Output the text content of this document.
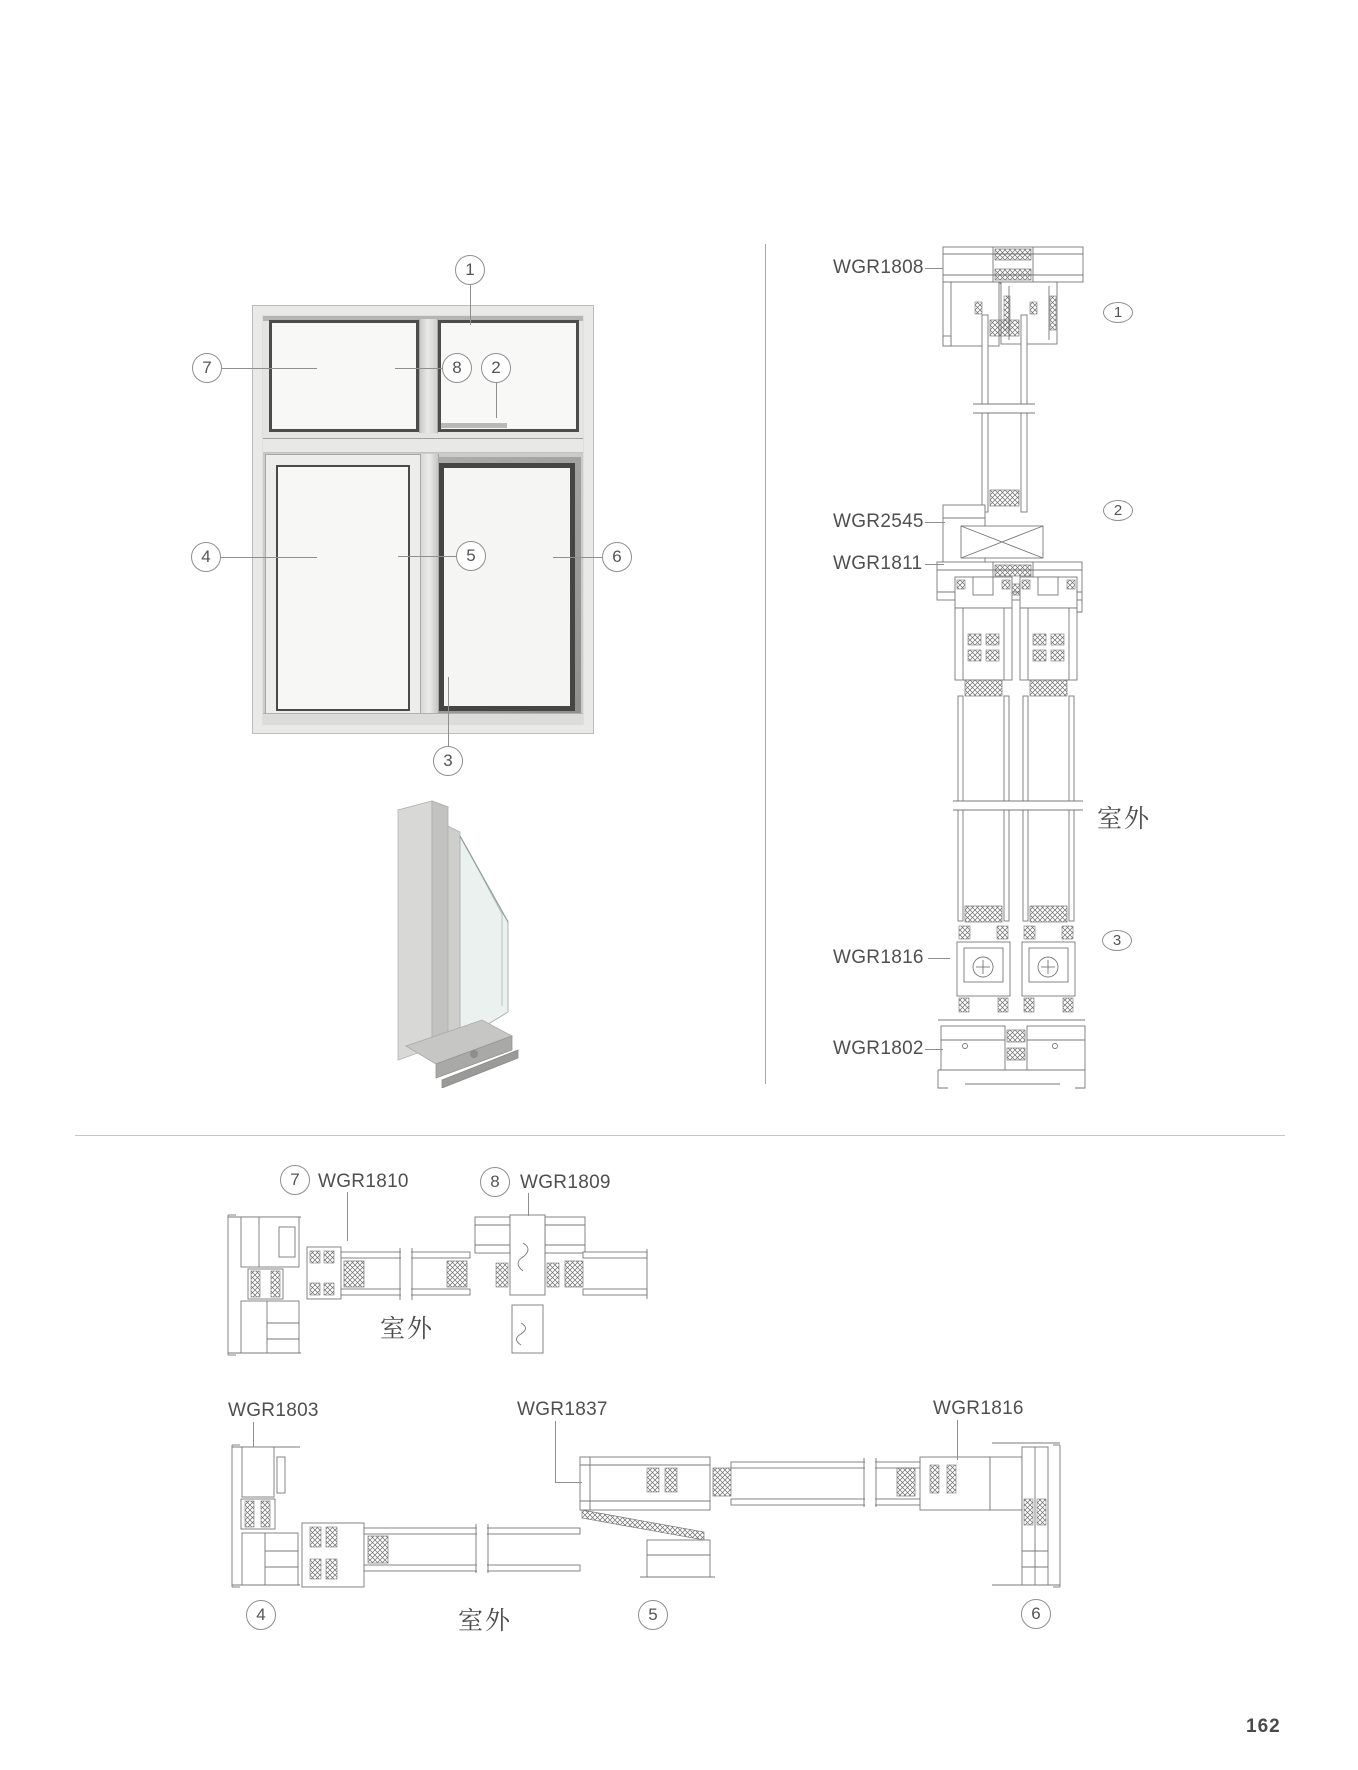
1
7	8 2
4	5	6
3
WGR1808
WGR2545
WGR1811
WGR1816
WGR1802
1
2
3
室外
7 WGR1810	8 WGR1809
室外
WGR1803	WGR1837	WGR1816
4	室外	5	6
162
